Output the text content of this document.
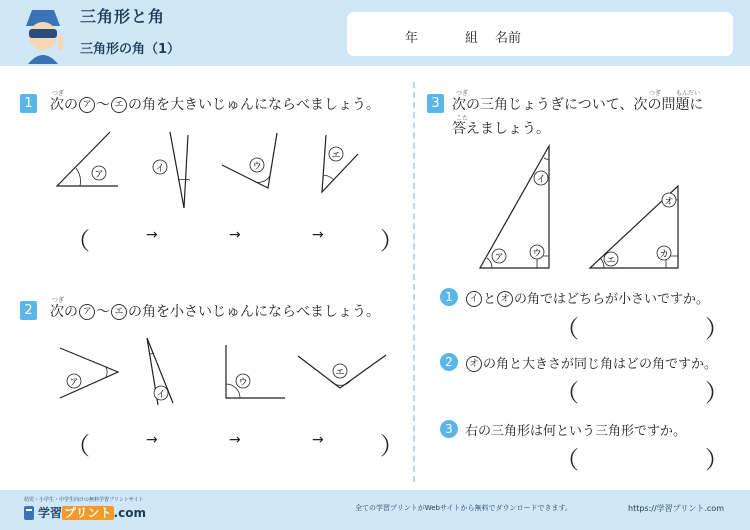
三角形と角
三角形の角（1）
年	組 名前
1
つぎ
次の ア 〜 エ の角を大きいじゅんにならべましょう。
ア
イ	ウ
エ
（	→	→	→ ）
2
つぎ
次の ア 〜 エ の角を小さいじゅんにならべましょう。
ア
イ
ウ
エ
（	→	→	→ ）
3
つぎ	つぎ もんだい
次の三角じょうぎについて、次の問題に
こた
答えましょう。
イ
ア	ウ
オ
エ
カ
1	イ と オ の角ではどちらが小さいですか。
（	）
2	オ の角と大きさが同じ角はどの角ですか。
（	）
3 右の三角形は何という三角形ですか。
（	）
幼児・小学生・中学生向けの無料学習プリントサイト
学習 プリント .com	全ての学習プリントがWebサイトから無料でダウンロードできます。	https://学習プリント.com
